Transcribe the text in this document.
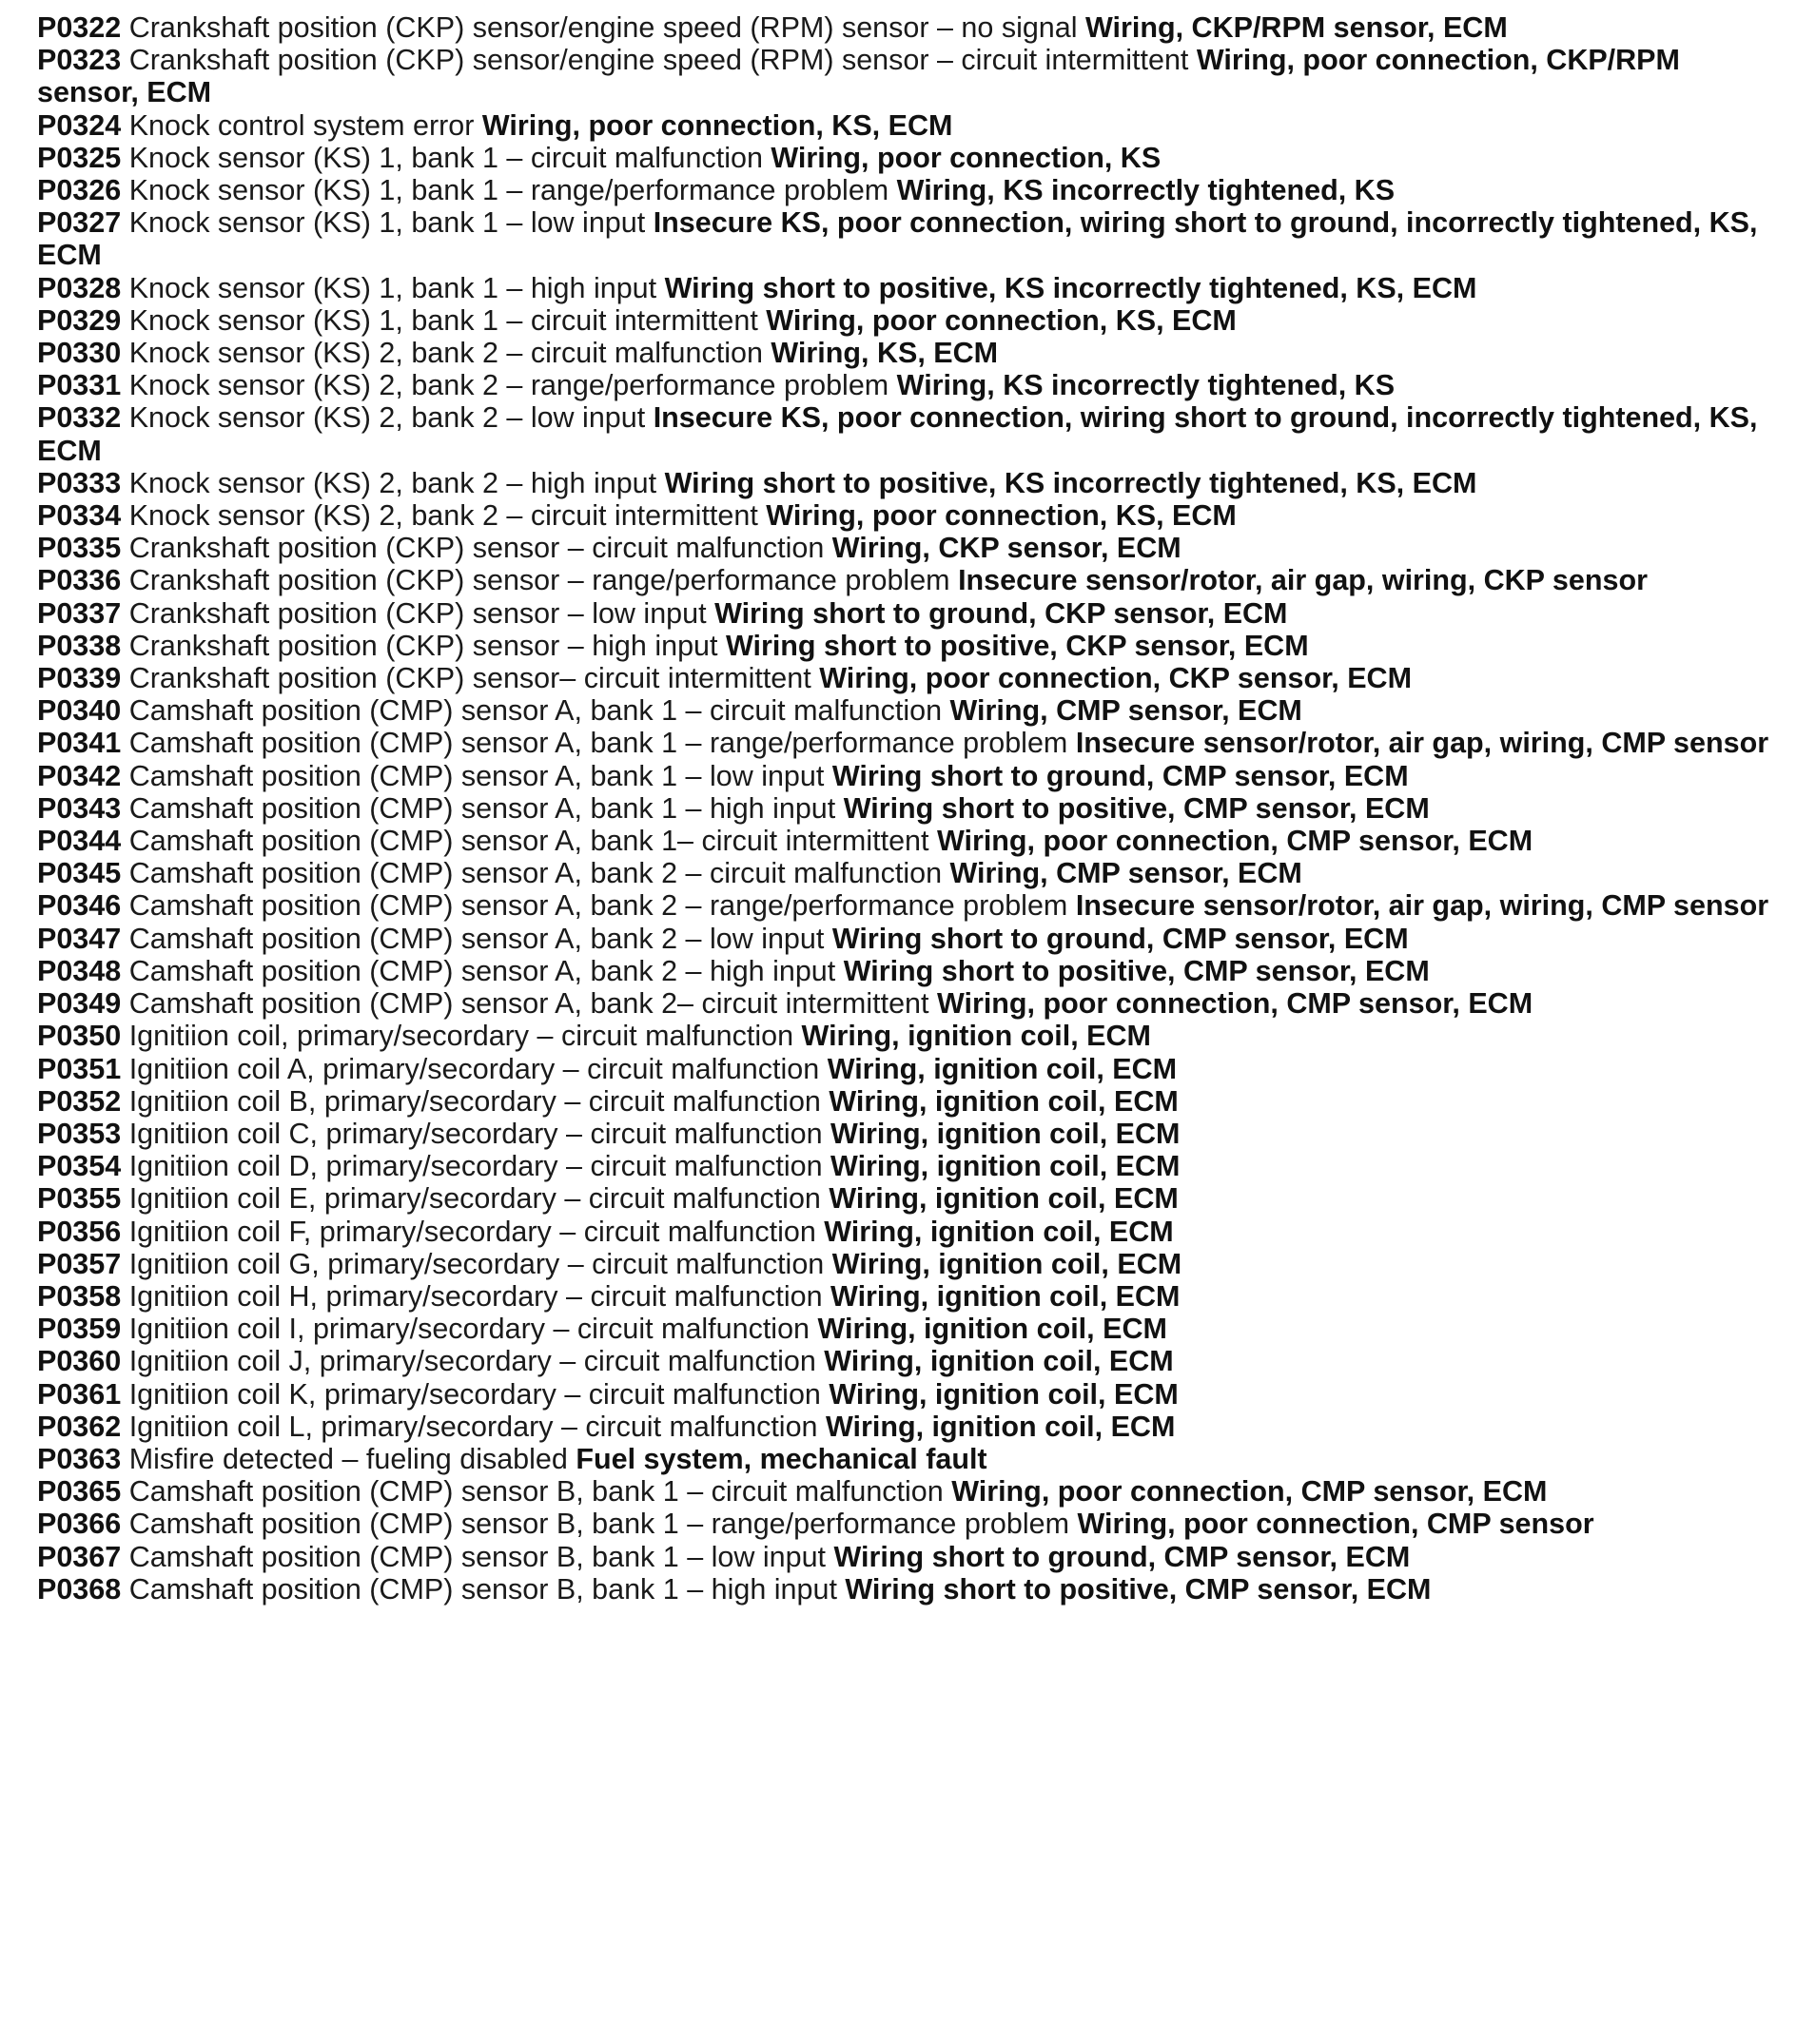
P0322 Crankshaft position (CKP) sensor/engine speed (RPM) sensor – no signal Wiring, CKP/RPM sensor, ECM

P0323 Crankshaft position (CKP) sensor/engine speed (RPM) sensor – circuit intermittent Wiring, poor connection, CKP/RPM sensor, ECM

P0324 Knock control system error Wiring, poor connection, KS, ECM

P0325 Knock sensor (KS) 1, bank 1 – circuit malfunction Wiring, poor connection, KS

P0326 Knock sensor (KS) 1, bank 1 – range/performance problem Wiring, KS incorrectly tightened, KS

P0327 Knock sensor (KS) 1, bank 1 – low input Insecure KS, poor connection, wiring short to ground, incorrectly tightened, KS, ECM

P0328 Knock sensor (KS) 1, bank 1 – high input Wiring short to positive, KS incorrectly tightened, KS, ECM

P0329 Knock sensor (KS) 1, bank 1 – circuit intermittent Wiring, poor connection, KS, ECM

P0330 Knock sensor (KS) 2, bank 2 – circuit malfunction Wiring, KS, ECM

P0331 Knock sensor (KS) 2, bank 2 – range/performance problem Wiring, KS incorrectly tightened, KS

P0332 Knock sensor (KS) 2, bank 2 – low input Insecure KS, poor connection, wiring short to ground, incorrectly tightened, KS, ECM

P0333 Knock sensor (KS) 2, bank 2 – high input Wiring short to positive, KS incorrectly tightened, KS, ECM

P0334 Knock sensor (KS) 2, bank 2 – circuit intermittent Wiring, poor connection, KS, ECM

P0335 Crankshaft position (CKP) sensor – circuit malfunction Wiring, CKP sensor, ECM

P0336 Crankshaft position (CKP) sensor – range/performance problem Insecure sensor/rotor, air gap, wiring, CKP sensor

P0337 Crankshaft position (CKP) sensor – low input Wiring short to ground, CKP sensor, ECM

P0338 Crankshaft position (CKP) sensor – high input Wiring short to positive, CKP sensor, ECM

P0339 Crankshaft position (CKP) sensor– circuit intermittent Wiring, poor connection, CKP sensor, ECM

P0340 Camshaft position (CMP) sensor A, bank 1 – circuit malfunction Wiring, CMP sensor, ECM

P0341 Camshaft position (CMP) sensor A, bank 1 – range/performance problem Insecure sensor/rotor, air gap, wiring, CMP sensor

P0342 Camshaft position (CMP) sensor A, bank 1 – low input Wiring short to ground, CMP sensor, ECM

P0343 Camshaft position (CMP) sensor A, bank 1 – high input Wiring short to positive, CMP sensor, ECM

P0344 Camshaft position (CMP) sensor A, bank 1– circuit intermittent Wiring, poor connection, CMP sensor, ECM

P0345 Camshaft position (CMP) sensor A, bank 2 – circuit malfunction Wiring, CMP sensor, ECM

P0346 Camshaft position (CMP) sensor A, bank 2 – range/performance problem Insecure sensor/rotor, air gap, wiring, CMP sensor

P0347 Camshaft position (CMP) sensor A, bank 2 – low input Wiring short to ground, CMP sensor, ECM

P0348 Camshaft position (CMP) sensor A, bank 2 – high input Wiring short to positive, CMP sensor, ECM

P0349 Camshaft position (CMP) sensor A, bank 2– circuit intermittent Wiring, poor connection, CMP sensor, ECM

P0350 Ignitiion coil, primary/secordary – circuit malfunction Wiring, ignition coil, ECM

P0351 Ignitiion coil A, primary/secordary – circuit malfunction Wiring, ignition coil, ECM

P0352 Ignitiion coil B, primary/secordary – circuit malfunction Wiring, ignition coil, ECM

P0353 Ignitiion coil C, primary/secordary – circuit malfunction Wiring, ignition coil, ECM

P0354 Ignitiion coil D, primary/secordary – circuit malfunction Wiring, ignition coil, ECM

P0355 Ignitiion coil E, primary/secordary – circuit malfunction Wiring, ignition coil, ECM

P0356 Ignitiion coil F, primary/secordary – circuit malfunction Wiring, ignition coil, ECM

P0357 Ignitiion coil G, primary/secordary – circuit malfunction Wiring, ignition coil, ECM

P0358 Ignitiion coil H, primary/secordary – circuit malfunction Wiring, ignition coil, ECM

P0359 Ignitiion coil I, primary/secordary – circuit malfunction Wiring, ignition coil, ECM

P0360 Ignitiion coil J, primary/secordary – circuit malfunction Wiring, ignition coil, ECM

P0361 Ignitiion coil K, primary/secordary – circuit malfunction Wiring, ignition coil, ECM

P0362 Ignitiion coil L, primary/secordary – circuit malfunction Wiring, ignition coil, ECM

P0363 Misfire detected – fueling disabled Fuel system, mechanical fault

P0365 Camshaft position (CMP) sensor B, bank 1 – circuit malfunction Wiring, poor connection, CMP sensor, ECM

P0366 Camshaft position (CMP) sensor B, bank 1 – range/performance problem Wiring, poor connection, CMP sensor

P0367 Camshaft position (CMP) sensor B, bank 1 – low input Wiring short to ground, CMP sensor, ECM

P0368 Camshaft position (CMP) sensor B, bank 1 – high input Wiring short to positive, CMP sensor, ECM
